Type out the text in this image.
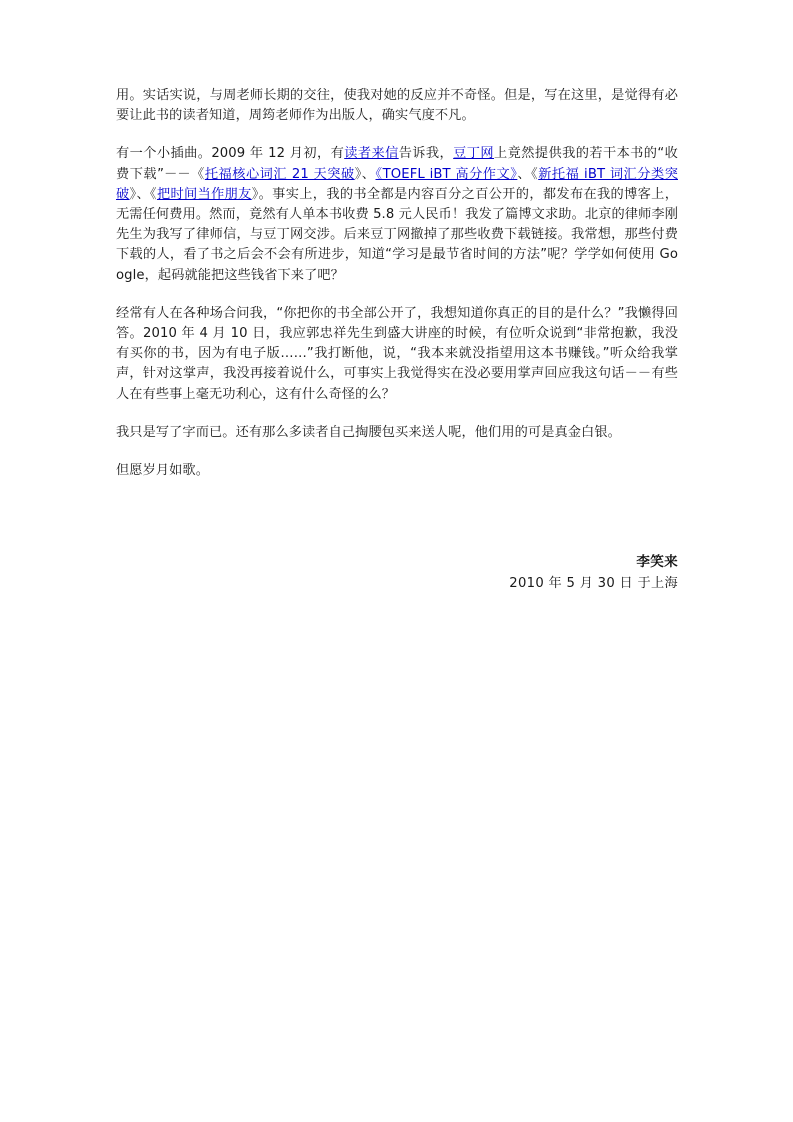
用。实话实说，与周老师长期的交往，使我对她的反应并不奇怪。但是，写在这里，是觉得有必要让此书的读者知道，周筠老师作为出版人，确实气度不凡。

有一个小插曲。2009 年 12 月初，有读者来信告诉我，豆丁网上竟然提供我的若干本书的“收费下载”－－《托福核心词汇 21 天突破》、《TOEFL iBT 高分作文》、《新托福 iBT 词汇分类突破》、《把时间当作朋友》。事实上，我的书全都是内容百分之百公开的，都发布在我的博客上，无需任何费用。然而，竟然有人单本书收费 5.8 元人民币！我发了篇博文求助。北京的律师李刚先生为我写了律师信，与豆丁网交涉。后来豆丁网撤掉了那些收费下载链接。我常想，那些付费下载的人，看了书之后会不会有所进步，知道“学习是最节省时间的方法”呢？学学如何使用 Google，起码就能把这些钱省下来了吧？

经常有人在各种场合问我，“你把你的书全部公开了，我想知道你真正的目的是什么？”我懒得回答。2010 年 4 月 10 日，我应郭忠祥先生到盛大讲座的时候，有位听众说到“非常抱歉，我没有买你的书，因为有电子版……”我打断他，说，“我本来就没指望用这本书赚钱。”听众给我掌声，针对这掌声，我没再接着说什么，可事实上我觉得实在没必要用掌声回应我这句话－－有些人在有些事上毫无功利心，这有什么奇怪的么？

我只是写了字而已。还有那么多读者自己掏腰包买来送人呢，他们用的可是真金白银。

但愿岁月如歌。

李笑来
2010 年 5 月 30 日 于上海
